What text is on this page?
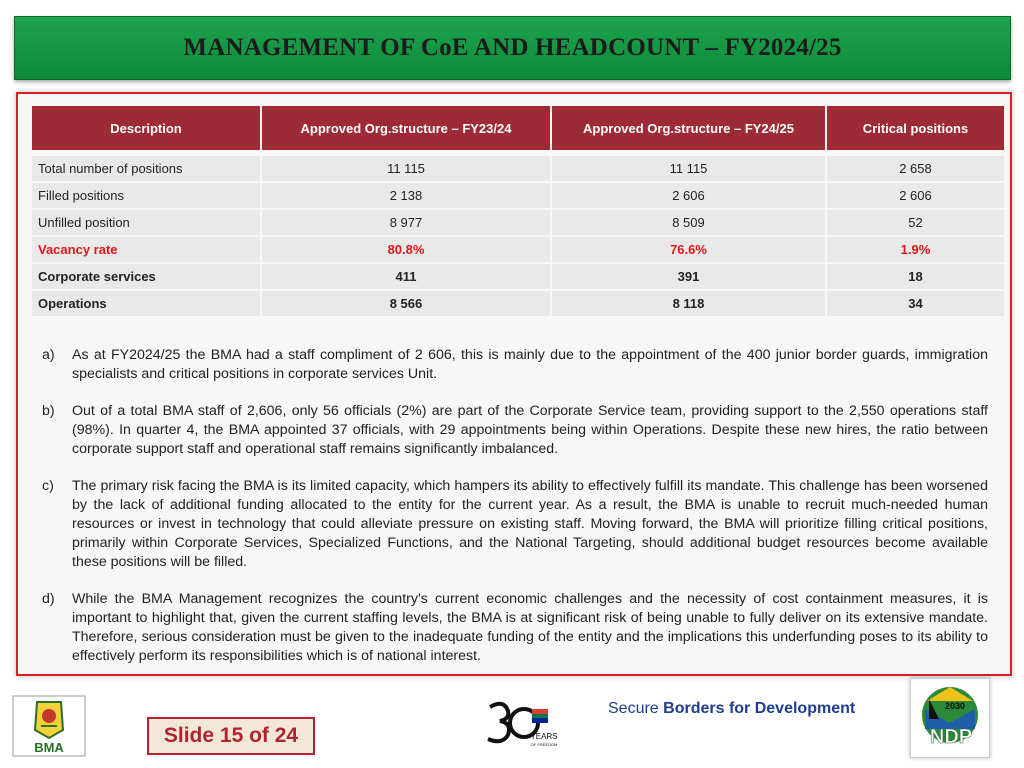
MANAGEMENT OF CoE AND HEADCOUNT – FY2024/25
Description	Approved Org.structure – FY23/24	Approved Org.structure – FY24/25	Critical positions

Total number of positions	11 115	11 115	2 658
Filled positions	2 138	2 606	2 606
Unfilled position	8 977	8 509	52
Vacancy rate	80.8%	76.6%	1.9%
Corporate services	411	391	18
Operations	8 566	8 118	34
a)	As at FY2024/25 the BMA had a staff compliment of 2 606, this is mainly due to the appointment of the 400 junior border guards, immigration specialists and critical positions in corporate services Unit.
b)	Out of a total BMA staff of 2,606, only 56 officials (2%) are part of the Corporate Service team, providing support to the 2,550 operations staff (98%). In quarter 4, the BMA appointed 37 officials, with 29 appointments being within Operations. Despite these new hires, the ratio between corporate support staff and operational staff remains significantly imbalanced.
c)	The primary risk facing the BMA is its limited capacity, which hampers its ability to effectively fulfill its mandate. This challenge has been worsened by the lack of additional funding allocated to the entity for the current year. As a result, the BMA is unable to recruit much-needed human resources or invest in technology that could alleviate pressure on existing staff. Moving forward, the BMA will prioritize filling critical positions, primarily within Corporate Services, Specialized Functions, and the National Targeting, should additional budget resources become available these positions will be filled.
d)	While the BMA Management recognizes the country's current economic challenges and the necessity of cost containment measures, it is important to highlight that, given the current staffing levels, the BMA is at significant risk of being unable to fully deliver on its extensive mandate. Therefore, serious consideration must be given to the inadequate funding of the entity and the implications this underfunding poses to its ability to effectively perform its responsibilities which is of national interest.
BMA
Slide 15 of 24	YEARS
OF FREEDOM
Secure Borders for Development	2030
NDP
